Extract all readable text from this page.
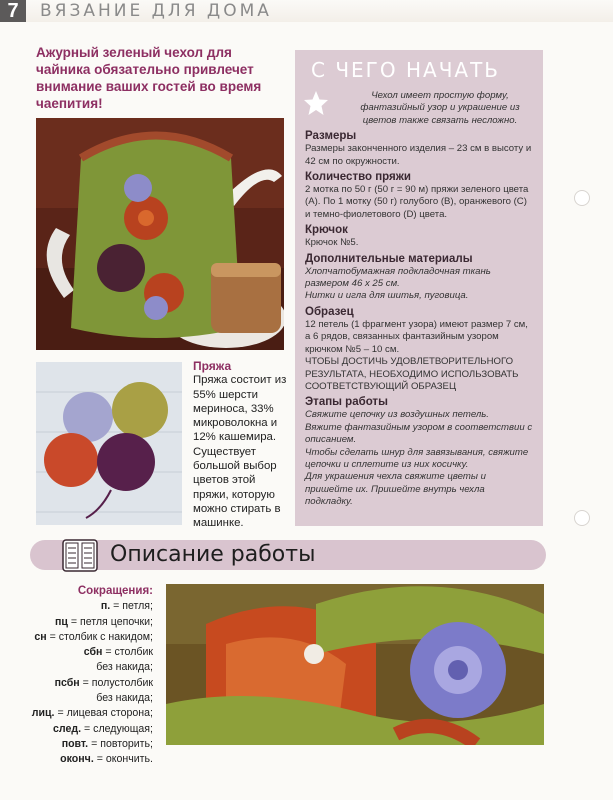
7	ВЯЗАНИЕ ДЛЯ ДОМА
Ажурный зеленый чехол для чайника обязательно привлечет внимание ваших гостей во время чаепития!
Пряжа
Пряжа состоит из 55% шерсти мериноса, 33% микроволокна и 12% кашемира. Существует большой выбор цветов этой пряжи, которую можно стирать в машинке.
С ЧЕГО НАЧАТЬ

Чехол имеет простую форму, фантазийный узор и украшение из цветов также связать несложно.

Размеры

Размеры законченного изделия – 23 см в высоту и 42 см по окружности.

Количество пряжи

2 мотка по 50 г (50 г = 90 м) пряжи зеленого цвета (A). По 1 мотку (50 г) голубого (B), оранжевого (C) и темно-фиолетового (D) цвета.

Крючок

Крючок №5.

Дополнительные материалы

Хлопчатобумажная подкладочная ткань размером 46 x 25 см.

Нитки и игла для шитья, пуговица.

Образец

12 петель (1 фрагмент узора) имеют размер 7 см, а 6 рядов, связанных фантазийным узором крючком №5 – 10 см.

ЧТОБЫ ДОСТИЧЬ УДОВЛЕТВОРИТЕЛЬНОГО РЕЗУЛЬТАТА, НЕОБХОДИМО ИСПОЛЬЗОВАТЬ СООТВЕТСТВУЮЩИЙ ОБРАЗЕЦ

Этапы работы

Свяжите цепочку из воздушных петель.

Вяжите фантазийным узором в соответствии с описанием.

Чтобы сделать шнур для завязывания, свяжите цепочки и сплетите из них косичку.

Для украшения чехла свяжите цветы и пришейте их. Пришейте внутрь чехла подкладку.

Описание работы
Сокращения:
п. = петля;
пц = петля цепочки;
сн = столбик с накидом;
сбн = столбик
без накида;
псбн = полустолбик
без накида;
лиц. = лицевая сторона;
след. = следующая;
повт. = повторить;
оконч. = окончить.
